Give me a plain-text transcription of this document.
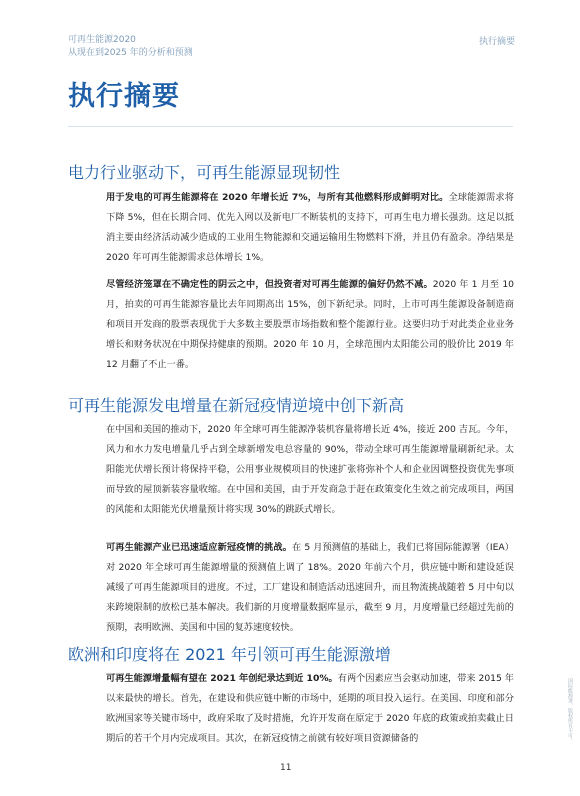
可再生能源2020
从现在到2025 年的分析和预测
执行摘要
执行摘要
电力行业驱动下，可再生能源显现韧性

用于发电的可再生能源将在 2020 年增长近 7%，与所有其他燃料形成鲜明对比。全球能源需求将下降 5%，但在长期合同、优先入网以及新电厂不断装机的支持下，可再生电力增长强劲。这足以抵消主要由经济活动减少造成的工业用生物能源和交通运输用生物燃料下滑，并且仍有盈余。净结果是2020 年可再生能源需求总体增长 1%。

尽管经济笼罩在不确定性的阴云之中，但投资者对可再生能源的偏好仍然不减。2020 年 1 月至 10 月，拍卖的可再生能源容量比去年同期高出 15%，创下新纪录。同时，上市可再生能源设备制造商和项目开发商的股票表现优于大多数主要股票市场指数和整个能源行业。这要归功于对此类企业业务增长和财务状况在中期保持健康的预期。2020 年 10 月，全球范围内太阳能公司的股价比 2019 年 12 月翻了不止一番。

可再生能源发电增量在新冠疫情逆境中创下新高

在中国和美国的推动下，2020 年全球可再生能源净装机容量将增长近 4%，接近 200 吉瓦。今年，风力和水力发电增量几乎占到全球新增发电总容量的 90%，带动全球可再生能源增量刷新纪录。太阳能光伏增长预计将保持平稳，公用事业规模项目的快速扩张将弥补个人和企业因调整投资优先事项而导致的屋顶新装容量收缩。在中国和美国，由于开发商急于赶在政策变化生效之前完成项目，两国的风能和太阳能光伏增量预计将实现 30%的跳跃式增长。

可再生能源产业已迅速适应新冠疫情的挑战。在 5 月预测值的基础上，我们已将国际能源署（IEA）对 2020 年全球可再生能源增量的预测值上调了 18%。2020 年前六个月，供应链中断和建设延误减缓了可再生能源项目的进度。不过，工厂建设和制造活动迅速回升，而且物流挑战随着 5 月中旬以来跨境限制的放松已基本解决。我们新的月度增量数据库显示，截至 9 月，月度增量已经超过先前的预期，表明欧洲、美国和中国的复苏速度较快。

欧洲和印度将在 2021 年引领可再生能源激增

可再生能源增量幅有望在 2021 年创纪录达到近 10%。有两个因素应当会驱动加速，带来 2015 年以来最快的增长。首先，在建设和供应链中断的市场中，延期的项目投入运行。在美国、印度和部分欧洲国家等关键市场中，政府采取了及时措施，允许开发商在原定于 2020 年底的政策或拍卖截止日期后的若干个月内完成项目。其次，在新冠疫情之前就有较好项目资源储备的

11
国际能源署，版权所有不可。
